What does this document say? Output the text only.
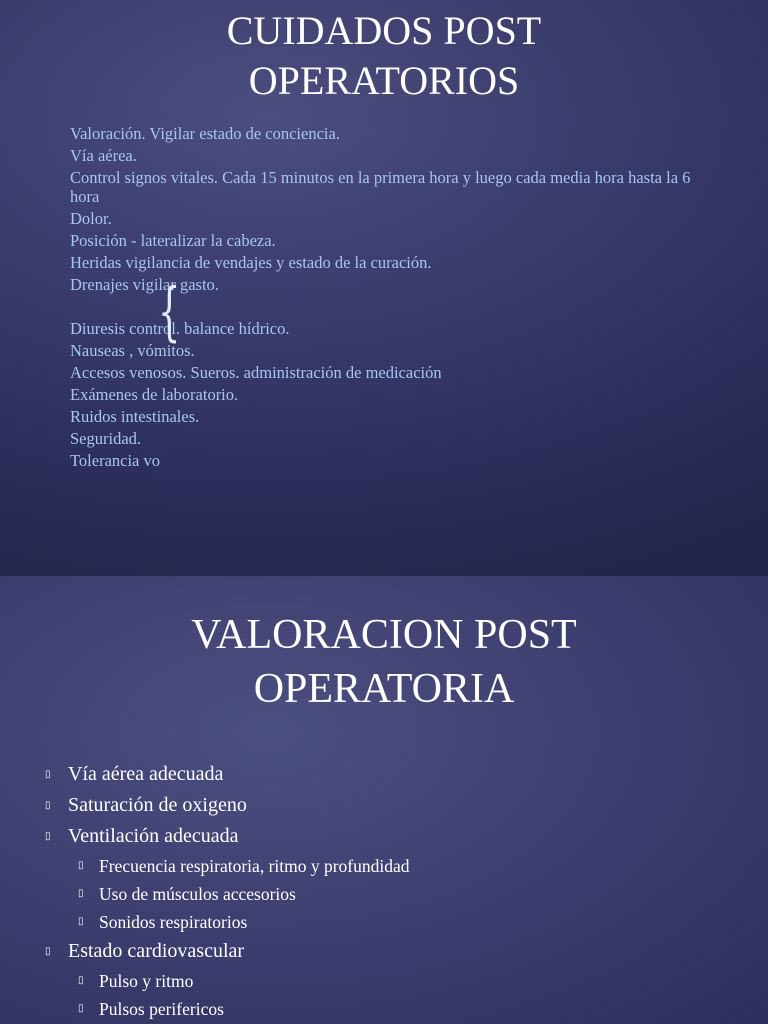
CUIDADOS POST
OPERATORIOS
Valoración. Vigilar estado de conciencia.
Vía aérea.
Control signos vitales. Cada 15 minutos en la primera hora y luego cada media hora hasta la 6 hora
Dolor.
Posición - lateralizar la cabeza.
Heridas vigilancia de vendajes y estado de la curación.
Drenajes vigilar gasto.
Diuresis control. balance hídrico.
Nauseas , vómitos.
Accesos venosos. Sueros. administración de medicación
Exámenes de laboratorio.
Ruidos intestinales.
Seguridad.
Tolerancia vo
{
VALORACION POST
OPERATORIA
▯ Vía aérea adecuada
▯ Saturación de oxigeno
▯ Ventilación adecuada
▯ Frecuencia respiratoria, ritmo y profundidad
▯ Uso de músculos accesorios
▯ Sonidos respiratorios
▯ Estado cardiovascular
▯ Pulso y ritmo
▯ Pulsos perifericos
